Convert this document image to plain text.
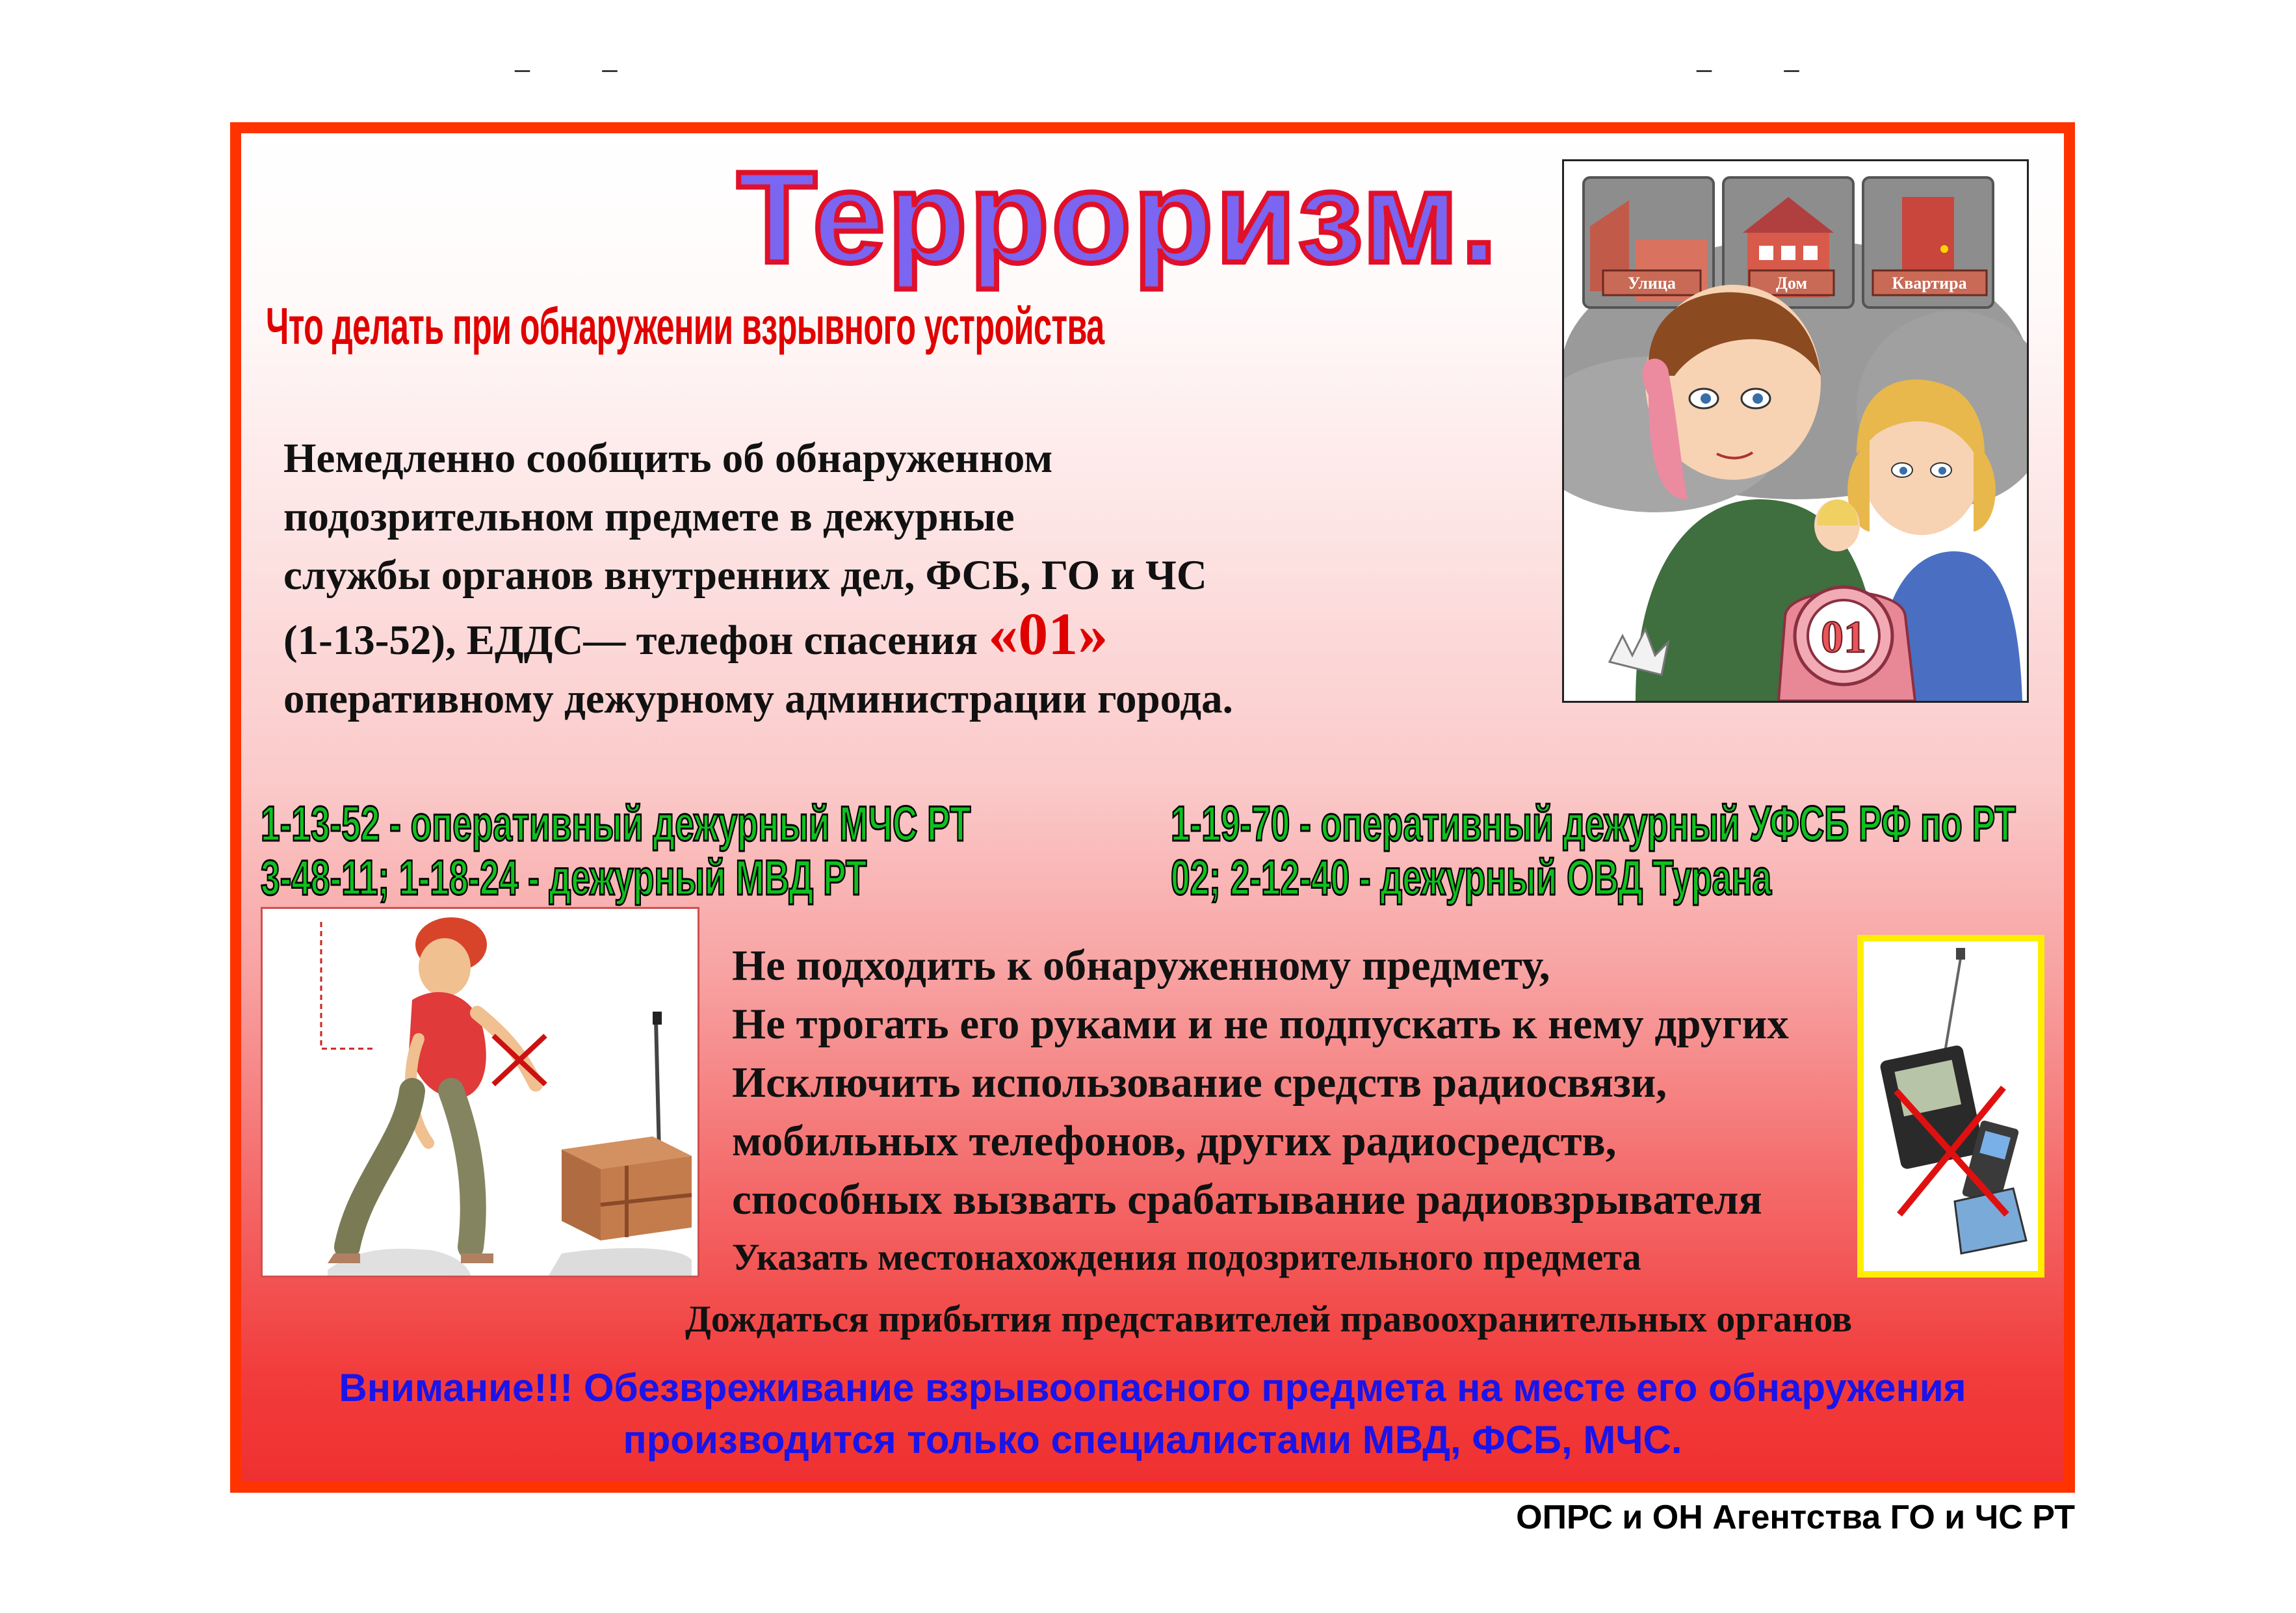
– –	– –
Терроризм.
Что делать при обнаружении взрывного устройства
Немедленно сообщить об обнаруженном
подозрительном предмете в дежурные
службы органов внутренних дел, ФСБ, ГО и ЧС
(1-13-52), ЕДДС— телефон спасения «01»
оперативному дежурному администрации города.
Улица	Дом	Квартира
01
1-13-52 - оперативный дежурный МЧС РТ	1-19-70 - оперативный дежурный УФСБ РФ по РТ
3-48-11; 1-18-24 - дежурный МВД РТ	02; 2-12-40 - дежурный ОВД Турана
Не подходить к обнаруженному предмету,
Не трогать его руками и не подпускать к нему других
Исключить использование средств радиосвязи,
мобильных телефонов, других радиосредств,
способных вызвать срабатывание радиовзрывателя
Указать местонахождения подозрительного предмета
Дождаться прибытия представителей правоохранительных органов
Внимание!!! Обезвреживание взрывоопасного предмета на месте его обнаружения
производится только специалистами МВД, ФСБ, МЧС.
ОПРС и ОН Агентства ГО и ЧС РТ
